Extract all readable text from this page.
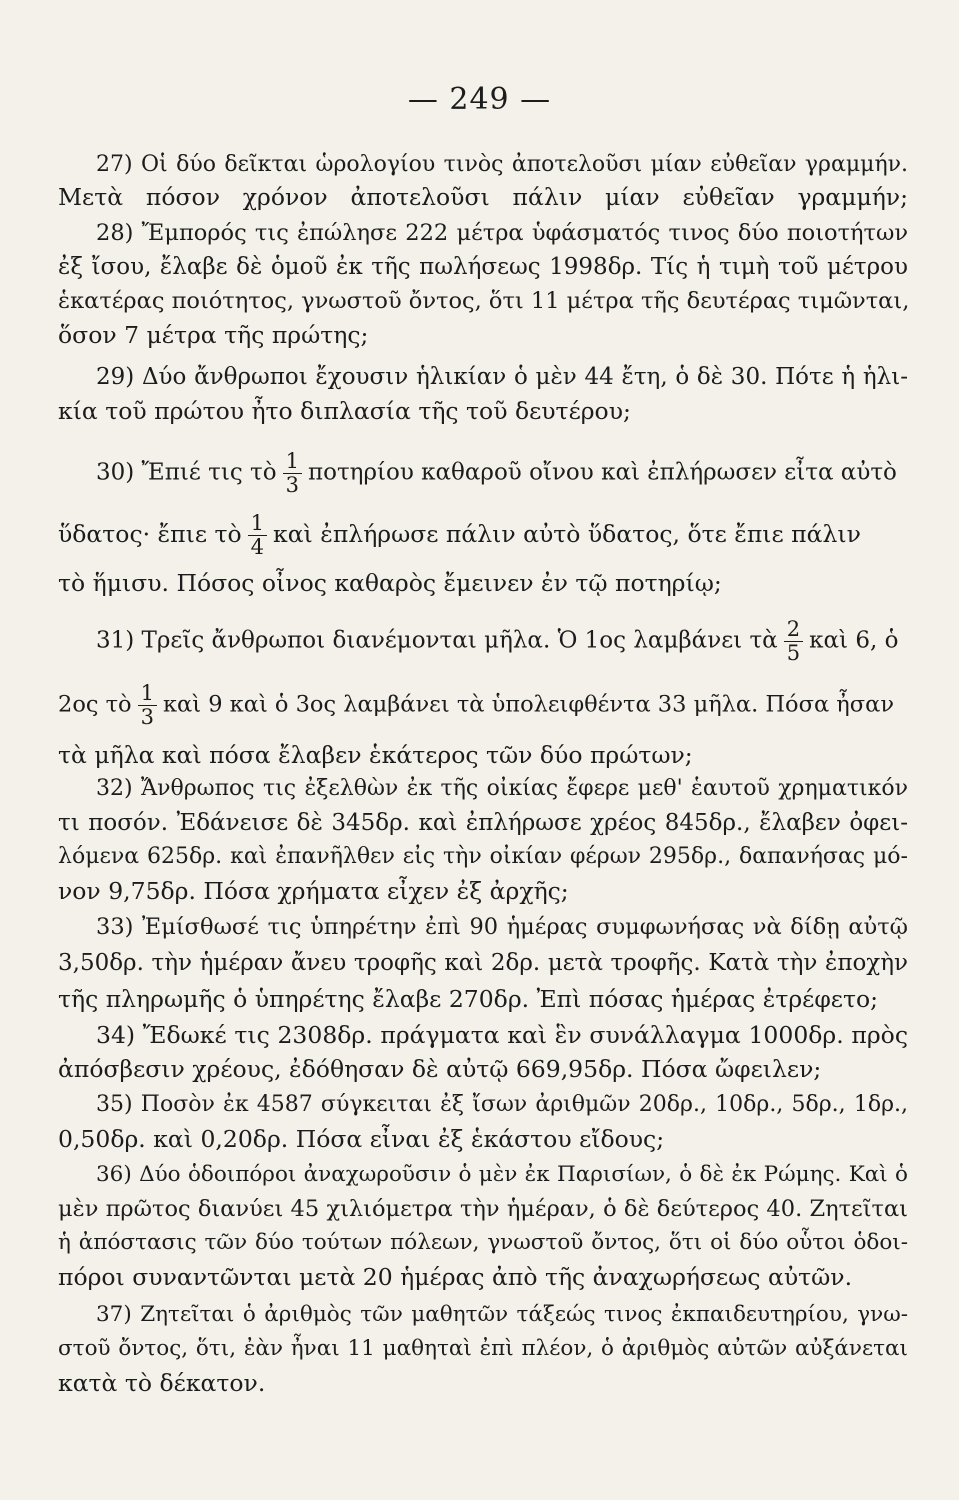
— 249 —
27) Οἱ δύο δεῖκται ὡρολογίου τινὸς ἀποτελοῦσι μίαν εὐθεῖαν γραμμήν.
Μετὰ πόσον χρόνον ἀποτελοῦσι πάλιν μίαν εὐθεῖαν γραμμήν;
28) Ἔμπορός τις ἐπώλησε 222 μέτρα ὑφάσματός τινος δύο ποιοτήτων
ἐξ ἴσου, ἔλαβε δὲ ὁμοῦ ἐκ τῆς πωλήσεως 1998δρ. Τίς ἡ τιμὴ τοῦ μέτρου
ἑκατέρας ποιότητος, γνωστοῦ ὄντος, ὅτι 11 μέτρα τῆς δευτέρας τιμῶνται,
ὅσον 7 μέτρα τῆς πρώτης;
29) Δύο ἄνθρωποι ἔχουσιν ἡλικίαν ὁ μὲν 44 ἔτη, ὁ δὲ 30. Πότε ἡ ἡλι-
κία τοῦ πρώτου ἦτο διπλασία τῆς τοῦ δευτέρου;
30) Ἔπιέ τις τὸ $\frac{1}{3}$ ποτηρίου καθαροῦ οἴνου καὶ ἐπλήρωσεν εἶτα αὐτὸ
ὕδατος· ἔπιε τὸ $\frac{1}{4}$ καὶ ἐπλήρωσε πάλιν αὐτὸ ὕδατος, ὅτε ἔπιε πάλιν
τὸ ἥμισυ. Πόσος οἶνος καθαρὸς ἔμεινεν ἐν τῷ ποτηρίῳ;
31) Τρεῖς ἄνθρωποι διανέμονται μῆλα. Ὁ 1ος λαμβάνει τὰ $\frac{2}{5}$ καὶ 6, ὁ
2ος τὸ $\frac{1}{3}$ καὶ 9 καὶ ὁ 3ος λαμβάνει τὰ ὑπολειφθέντα 33 μῆλα. Πόσα ἦσαν
τὰ μῆλα καὶ πόσα ἔλαβεν ἑκάτερος τῶν δύο πρώτων;
32) Ἄνθρωπος τις ἐξελθὼν ἐκ τῆς οἰκίας ἔφερε μεθ' ἑαυτοῦ χρηματικόν
τι ποσόν. Ἐδάνεισε δὲ 345δρ. καὶ ἐπλήρωσε χρέος 845δρ., ἔλαβεν ὀφει-
λόμενα 625δρ. καὶ ἐπανῆλθεν εἰς τὴν οἰκίαν φέρων 295δρ., δαπανήσας μό-
νον 9,75δρ. Πόσα χρήματα εἶχεν ἐξ ἀρχῆς;
33) Ἐμίσθωσέ τις ὑπηρέτην ἐπὶ 90 ἡμέρας συμφωνήσας νὰ δίδῃ αὐτῷ
3,50δρ. τὴν ἡμέραν ἄνευ τροφῆς καὶ 2δρ. μετὰ τροφῆς. Κατὰ τὴν ἐποχὴν
τῆς πληρωμῆς ὁ ὑπηρέτης ἔλαβε 270δρ. Ἐπὶ πόσας ἡμέρας ἐτρέφετο;
34) Ἔδωκέ τις 2308δρ. πράγματα καὶ ἓν συνάλλαγμα 1000δρ. πρὸς
ἀπόσβεσιν χρέους, ἐδόθησαν δὲ αὐτῷ 669,95δρ. Πόσα ὤφειλεν;
35) Ποσὸν ἐκ 4587 σύγκειται ἐξ ἴσων ἀριθμῶν 20δρ., 10δρ., 5δρ., 1δρ.,
0,50δρ. καὶ 0,20δρ. Πόσα εἶναι ἐξ ἑκάστου εἴδους;
36) Δύο ὁδοιπόροι ἀναχωροῦσιν ὁ μὲν ἐκ Παρισίων, ὁ δὲ ἐκ Ρώμης. Καὶ ὁ
μὲν πρῶτος διανύει 45 χιλιόμετρα τὴν ἡμέραν, ὁ δὲ δεύτερος 40. Ζητεῖται
ἡ ἀπόστασις τῶν δύο τούτων πόλεων, γνωστοῦ ὄντος, ὅτι οἱ δύο οὗτοι ὁδοι-
πόροι συναντῶνται μετὰ 20 ἡμέρας ἀπὸ τῆς ἀναχωρήσεως αὐτῶν.
37) Ζητεῖται ὁ ἀριθμὸς τῶν μαθητῶν τάξεώς τινος ἐκπαιδευτηρίου, γνω-
στοῦ ὄντος, ὅτι, ἐὰν ἦναι 11 μαθηταὶ ἐπὶ πλέον, ὁ ἀριθμὸς αὐτῶν αὐξάνεται
κατὰ τὸ δέκατον.
